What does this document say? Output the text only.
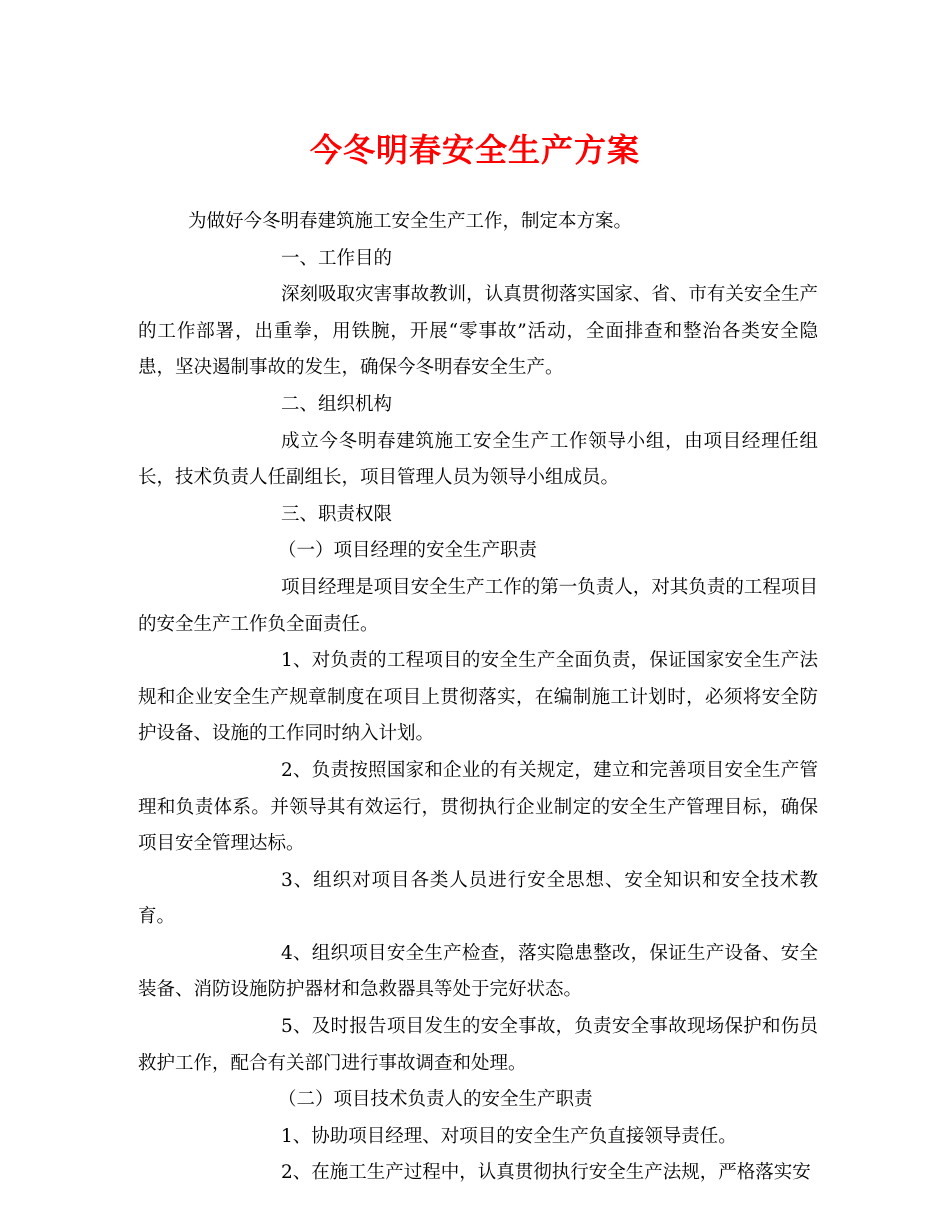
今冬明春安全生产方案

为做好今冬明春建筑施工安全生产工作，制定本方案。

一、工作目的

深刻吸取灾害事故教训，认真贯彻落实国家、省、市有关安全生产的工作部署，出重拳，用铁腕，开展“零事故”活动，全面排查和整治各类安全隐患，坚决遏制事故的发生，确保今冬明春安全生产。

二、组织机构

成立今冬明春建筑施工安全生产工作领导小组，由项目经理任组长，技术负责人任副组长，项目管理人员为领导小组成员。

三、职责权限

（一）项目经理的安全生产职责

项目经理是项目安全生产工作的第一负责人，对其负责的工程项目的安全生产工作负全面责任。

1、对负责的工程项目的安全生产全面负责，保证国家安全生产法规和企业安全生产规章制度在项目上贯彻落实，在编制施工计划时，必须将安全防护设备、设施的工作同时纳入计划。

2、负责按照国家和企业的有关规定，建立和完善项目安全生产管理和负责体系。并领导其有效运行，贯彻执行企业制定的安全生产管理目标，确保项目安全管理达标。

3、组织对项目各类人员进行安全思想、安全知识和安全技术教育。

4、组织项目安全生产检查，落实隐患整改，保证生产设备、安全装备、消防设施防护器材和急救器具等处于完好状态。

5、及时报告项目发生的安全事故，负责安全事故现场保护和伤员救护工作，配合有关部门进行事故调查和处理。

（二）项目技术负责人的安全生产职责

1、协助项目经理、对项目的安全生产负直接领导责任。

2、在施工生产过程中，认真贯彻执行安全生产法规，严格落实安
